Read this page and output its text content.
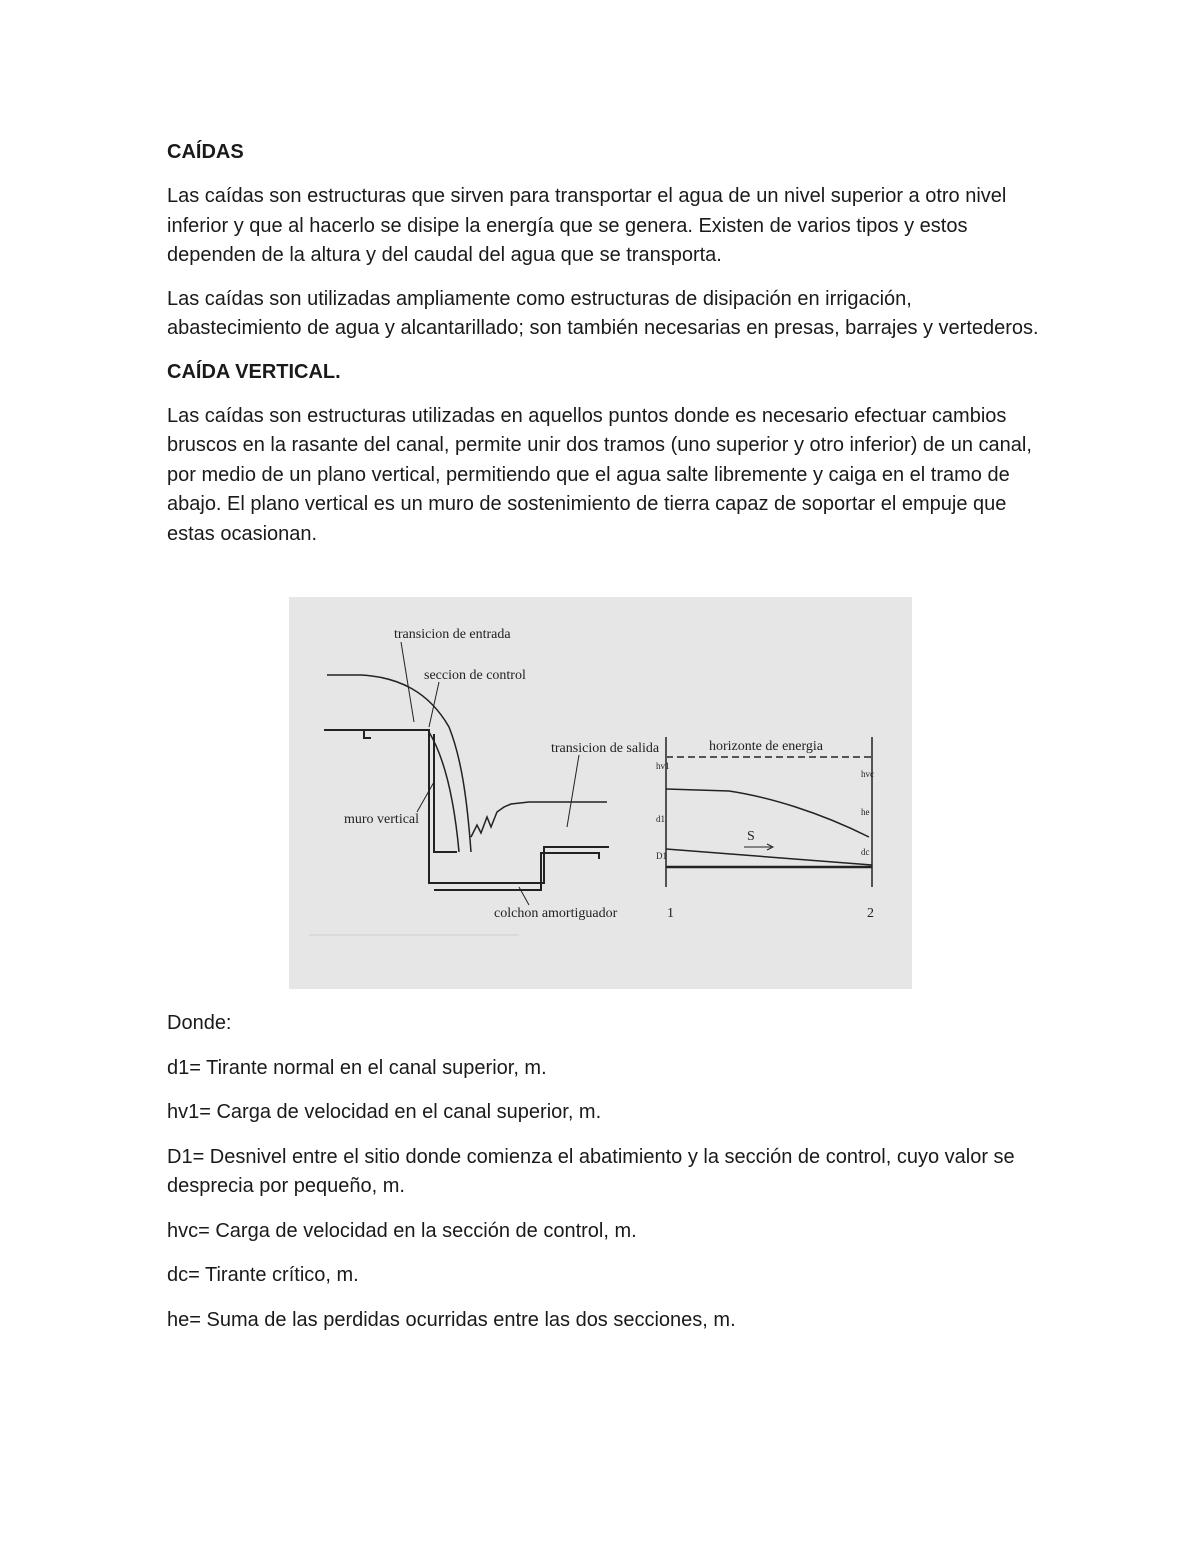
CAÍDAS
Las caídas son estructuras que sirven para transportar el agua de un nivel superior a otro nivel inferior y que al hacerlo se disipe la energía que se genera. Existen de varios tipos y estos dependen de la altura y del caudal del agua que se transporta.
Las caídas son utilizadas ampliamente como estructuras de disipación en irrigación, abastecimiento de agua y alcantarillado; son también necesarias en presas, barrajes y vertederos.
CAÍDA VERTICAL.
Las caídas son estructuras utilizadas en aquellos puntos donde es necesario efectuar cambios bruscos en la rasante del canal, permite unir dos tramos (uno superior y otro inferior) de un canal, por medio de un plano vertical, permitiendo que el agua salte libremente y caiga en el tramo de abajo. El plano vertical es un muro de sostenimiento de tierra capaz de soportar el empuje que estas ocasionan.
transicion de entrada
seccion de control
transicion de salida
muro vertical
colchon amortiguador
horizonte de energia
S
1	2
hv1
d1
D1
hvc
he
dc
Donde:
d1= Tirante normal en el canal superior, m.
hv1= Carga de velocidad en el canal superior, m.
D1= Desnivel entre el sitio donde comienza el abatimiento y la sección de control, cuyo valor se desprecia por pequeño, m.
hvc= Carga de velocidad en la sección de control, m.
dc= Tirante crítico, m.
he= Suma de las perdidas ocurridas entre las dos secciones, m.
